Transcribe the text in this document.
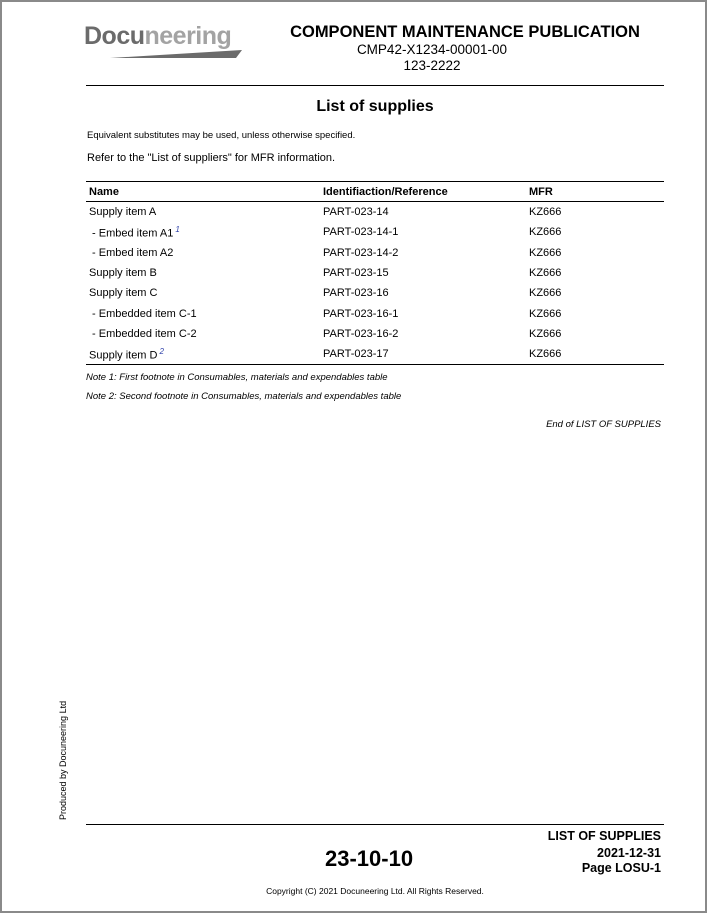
Docuneering	COMPONENT MAINTENANCE PUBLICATION
CMP42-X1234-00001-00
123-2222
List of supplies
Equivalent substitutes may be used, unless otherwise specified.
Refer to the "List of suppliers" for MFR information.
Name	Identifiaction/Reference	MFR
Supply item A	PART-023-14	KZ666
- Embed item A1 $^1$	PART-023-14-1	KZ666
- Embed item A2	PART-023-14-2	KZ666
Supply item B	PART-023-15	KZ666
Supply item C	PART-023-16	KZ666
- Embedded item C-1	PART-023-16-1	KZ666
- Embedded item C-2	PART-023-16-2	KZ666
Supply item D $^2$	PART-023-17	KZ666
Note 1: First footnote in Consumables, materials and expendables table
Note 2: Second footnote in Consumables, materials and expendables table
End of LIST OF SUPPLIES
Produced by Docuneering Ltd
LIST OF SUPPLIES
2021-12-31
Page LOSU-1
23-10-10
Copyright (C) 2021 Docuneering Ltd. All Rights Reserved.
